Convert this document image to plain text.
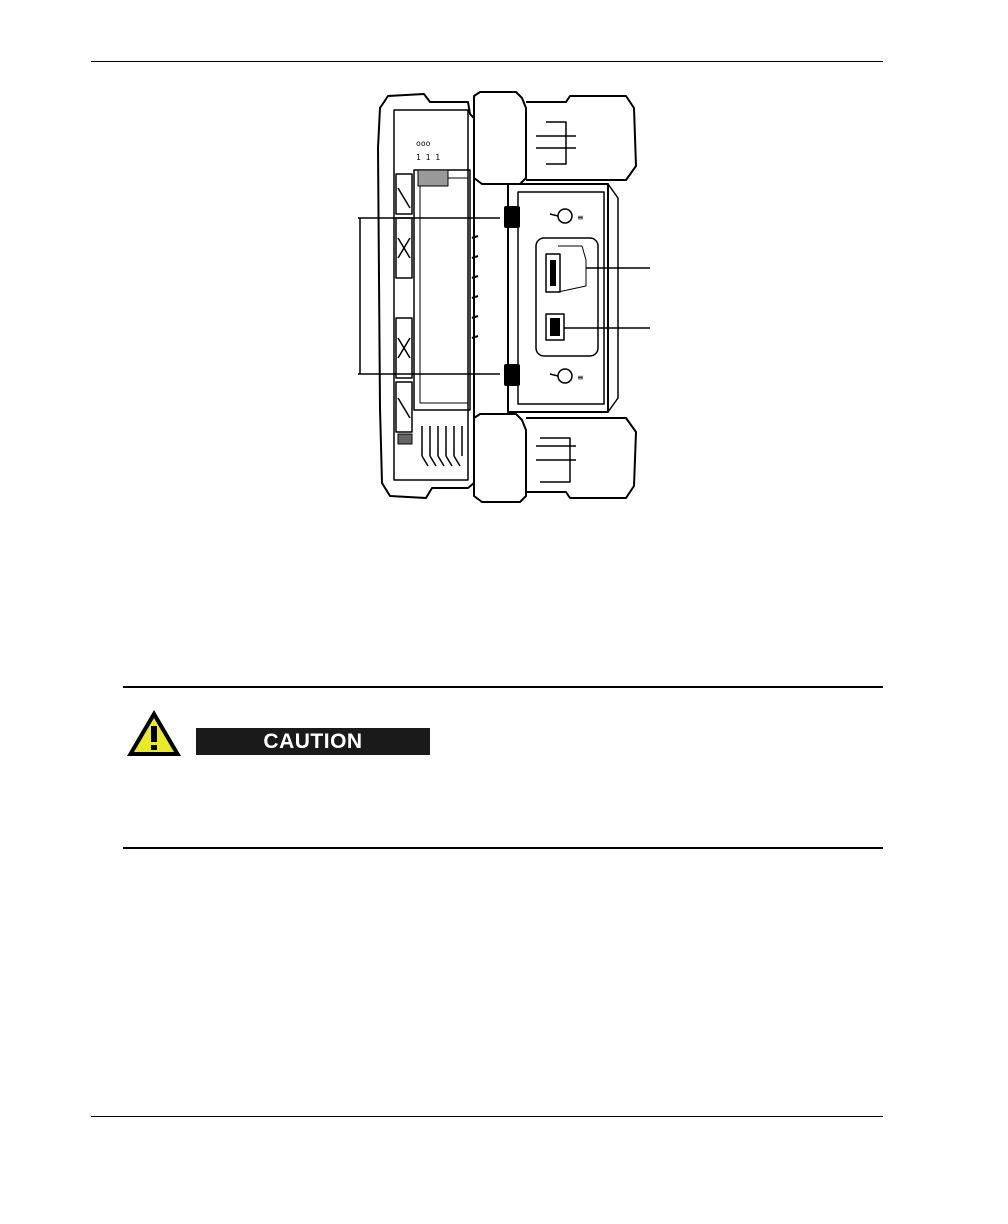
ooo
1 1 1
≡
≡
CAUTION
